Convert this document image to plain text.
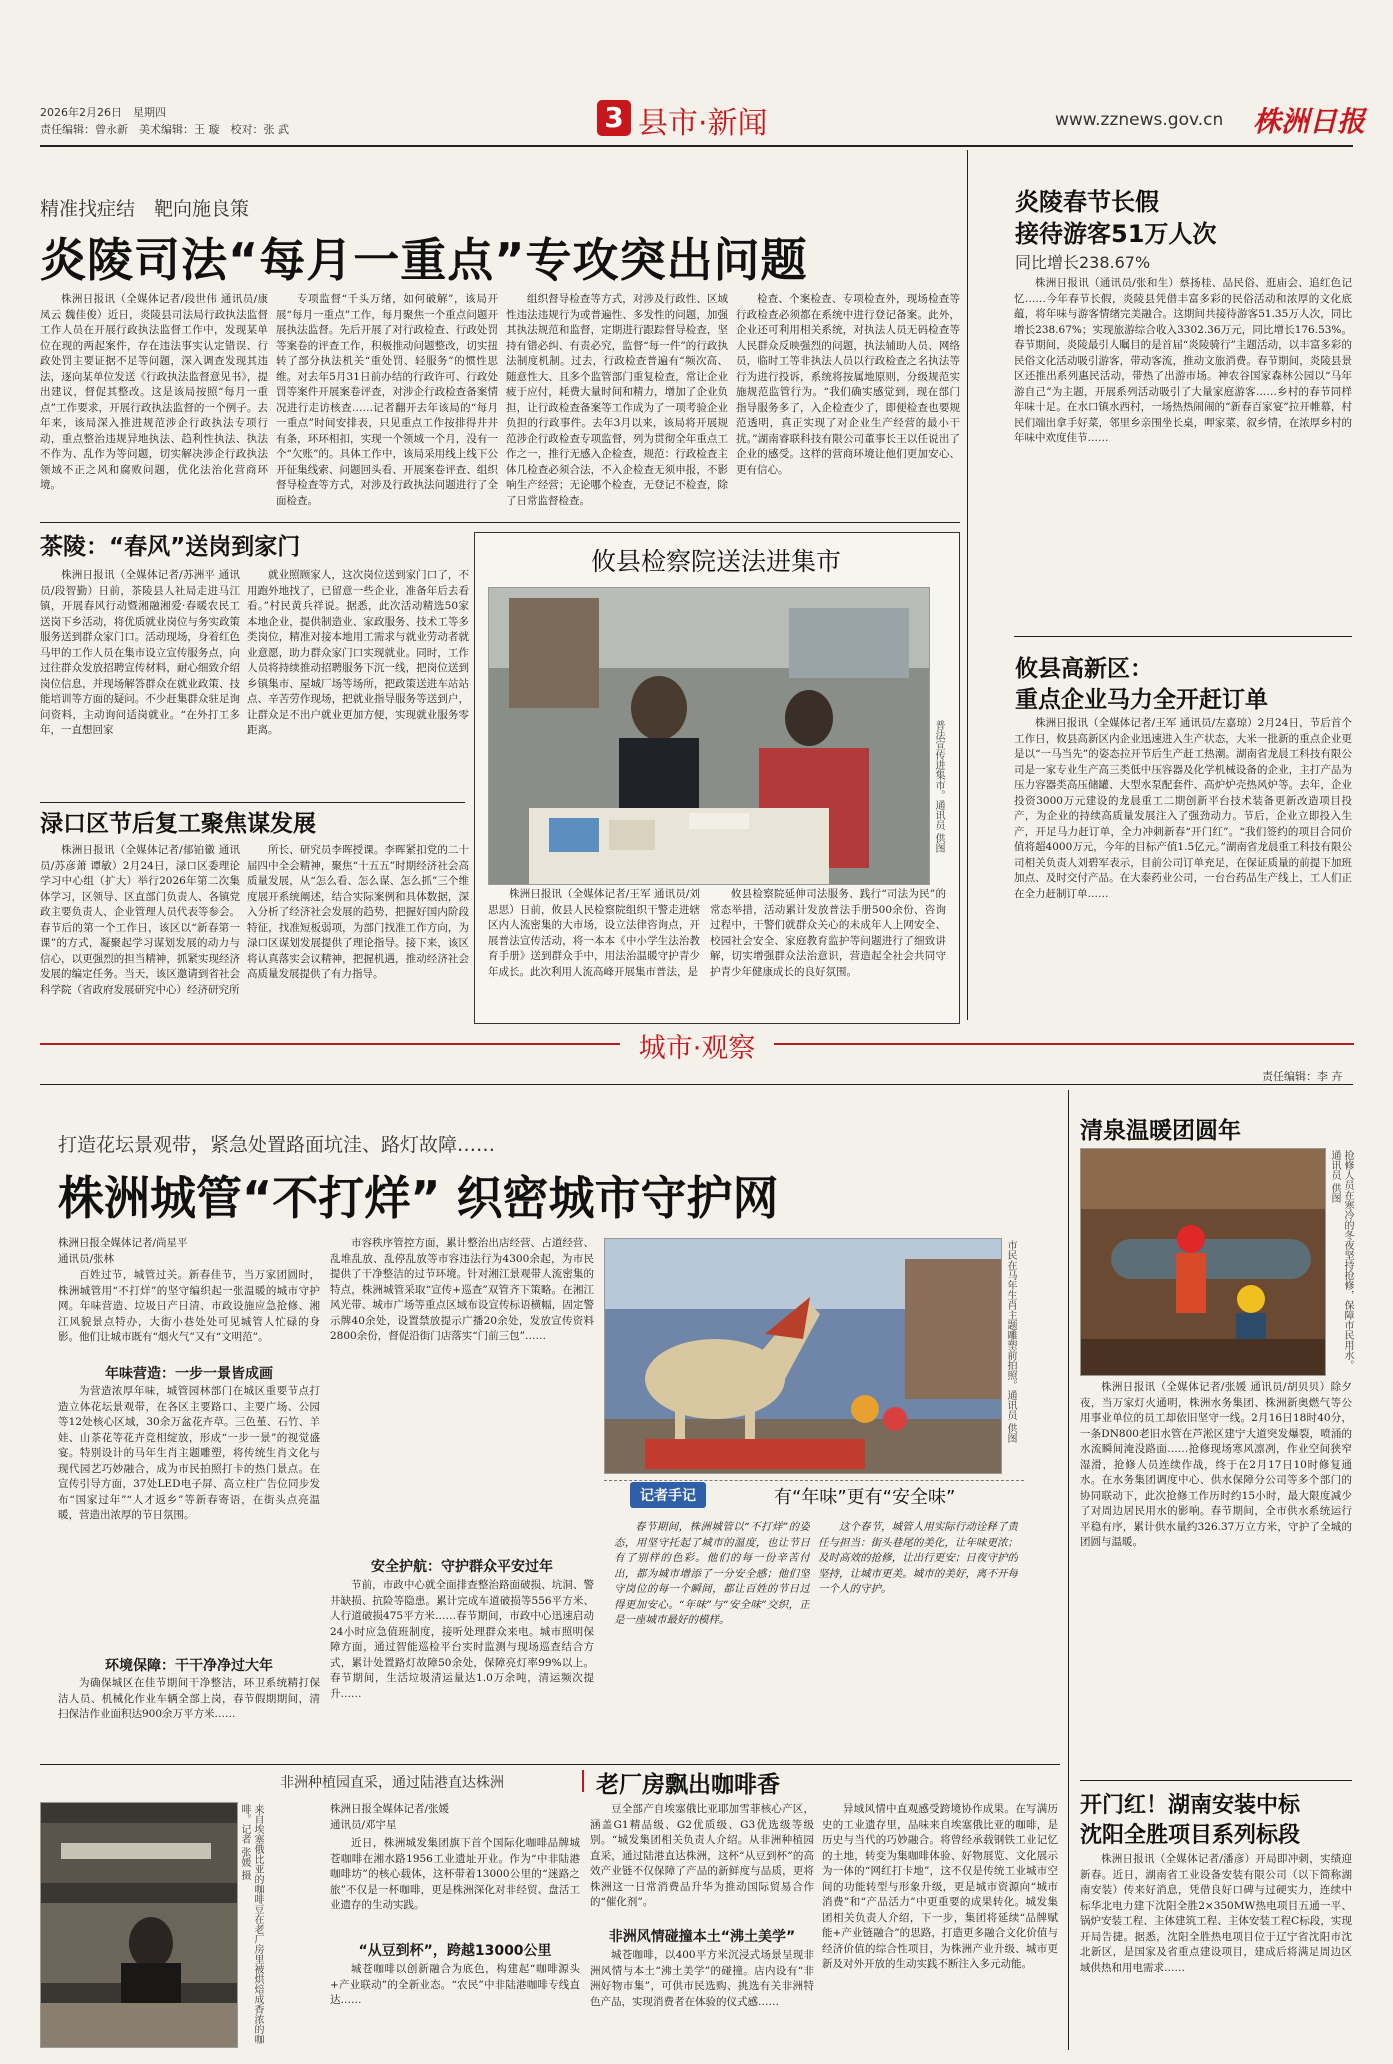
2026年2月26日　星期四
责任编辑：曾永新　美术编辑：王 璇　校对：张 武	3 县市·新闻	www.zznews.gov.cn 株洲日报
精准找症结　靶向施良策
炎陵司法“每月一重点”专攻突出问题

株洲日报讯（全媒体记者/段世伟 通讯员/康凤云 魏佳俊）近日，炎陵县司法局行政执法监督工作人员在开展行政执法监督工作中，发现某单位在现的两起案件，存在违法事实认定错误、行政处罚主要证据不足等问题，深入调查发现其违法，逐向某单位发送《行政执法监督意见书》，提出建议，督促其整改。这是该局按照“每月一重点”工作要求，开展行政执法监督的一个例子。去年来，该局深入推进规范涉企行政执法专项行动，重点整治违规异地执法、趋利性执法、执法不作为、乱作为等问题，切实解决涉企行政执法领域不正之风和腐败问题，优化法治化营商环境。

专项监督“千头万绪，如何破解”，该局开展“每月一重点”工作，每月聚焦一个重点问题开展执法监督。先后开展了对行政检查、行政处罚等案卷的评查工作，积极推动问题整改，切实扭转了部分执法机关“重处罚、轻服务”的惯性思维。对去年5月31日前办结的行政许可、行政处罚等案件开展案卷评查，对涉企行政检查备案情况进行走访核查……记者翻开去年该局的“每月一重点”时间安排表，只见重点工作按排得井井有条，环环相扣，实现一个领域一个月，没有一个“欠账”的。具体工作中，该局采用线上线下公开征集线索、问题回头看、开展案卷评查、组织督导检查等方式，对涉及行政执法问题进行了全面检查。

组织督导检查等方式，对涉及行政性、区域性违法违规行为或普遍性、多发性的问题，加强其执法规范和监督，定期进行跟踪督导检查，坚持有错必纠、有责必究，监督“每一件”的行政执法制度机制。过去，行政检查普遍有“频次高、随意性大、且多个监管部门重复检查，常让企业疲于应付，耗费大量时间和精力，增加了企业负担，让行政检查备案等工作成为了一项考验企业负担的行政事件。去年3月以来，该局将开展规范涉企行政检查专项监督，列为贯彻全年重点工作之一，推行无感入企检查，规范：行政检查主体几检查必须合法，不入企检查无须申报，不影响生产经营；无论哪个检查，无登记不检查，除了日常监督检查。

检查、个案检查、专项检查外，现场检查等行政检查必须都在系统中进行登记备案。此外，企业还可利用相关系统，对执法人员无码检查等人民群众反映强烈的问题，执法辅助人员、网络员，临时工等非执法人员以行政检查之名执法等行为进行投诉，系统将按属地原则，分级规范实施规范监管行为。“我们确实感觉到，现在部门指导服务多了，入企检查少了，即便检查也要规范透明，真正实现了对企业生产经营的最小干扰。”湖南睿联科技有限公司董事长王以任说出了企业的感受。这样的营商环境让他们更加安心、更有信心。

茶陵：“春风”送岗到家门

株洲日报讯（全媒体记者/苏洲平 通讯员/段智勤）日前，茶陵县人社局走进马江镇，开展春风行动暨湘融湘爱·春暖农民工送岗下乡活动，将优质就业岗位与务实政策服务送到群众家门口。活动现场，身着红色马甲的工作人员在集市设立宣传服务点，向过往群众发放招聘宣传材料，耐心细致介绍岗位信息，并现场解答群众在就业政策、技能培训等方面的疑问。不少赶集群众驻足询问资料，主动询问适岗就业。“在外打工多年，一直想回家

就业照顾家人，这次岗位送到家门口了，不用跑外地找了，已留意一些企业，准备年后去看看。”村民黄兵祥说。据悉，此次活动精选50家本地企业，提供制造业、家政服务、技术工等多类岗位，精准对接本地用工需求与就业劳动者就业意愿，助力群众家门口实现就业。同时，工作人员将持续推动招聘服务下沉一线，把岗位送到乡镇集市、屋城厂场等场所，把政策送进车站站点、辛苦劳作现场，把就业指导服务等送到户，让群众足不出户就业更加方便，实现就业服务零距离。

渌口区节后复工聚焦谋发展

株洲日报讯（全媒体记者/郁铂徽 通讯员/苏彦萧 谭敏）2月24日，渌口区委理论学习中心组（扩大）举行2026年第二次集体学习，区领导、区直部门负责人、各镇党政主要负责人、企业管理人员代表等参会。春节后的第一个工作日，该区以“新春第一课”的方式，凝聚起学习谋划发展的动力与信心，以更强烈的担当精神，抓紧实现经济发展的编定任务。当天，该区邀请到省社会科学院（省政府发展研究中心）经济研究所

所长、研究员李晖授课。李晖紧扣党的二十届四中全会精神，聚焦“十五五”时期经济社会高质量发展，从“怎么看、怎么谋、怎么抓”三个维度展开系统阐述，结合实际案例和具体数据，深入分析了经济社会发展的趋势，把握好国内阶段特征，找准短板弱项，为部门找准工作方向，为渌口区谋划发展提供了理论指导。接下来，该区将认真落实会议精神，把握机遇，推动经济社会高质量发展提供了有力指导。

攸县检察院送法进集市
普法宣传进集市。通讯员 供图

株洲日报讯（全媒体记者/王军 通讯员/刘思思）日前，攸县人民检察院组织干警走进辖区内人流密集的大市场，设立法律咨询点，开展普法宣传活动，将一本本《中小学生法治教育手册》送到群众手中，用法治温暖守护青少年成长。此次利用人流高峰开展集市普法，是

攸县检察院延伸司法服务、践行“司法为民”的常态举措，活动累计发放普法手册500余份、咨询过程中，干警们就群众关心的未成年人上网安全、校园社会安全、家庭教育监护等问题进行了细致讲解，切实增强群众法治意识，营造起全社会共同守护青少年健康成长的良好氛围。

炎陵春节长假
接待游客51万人次
同比增长238.67%

株洲日报讯（通讯员/张和生）蔡扬桂、品民俗、逛庙会、追红色记忆……今年春节长假，炎陵县凭借丰富多彩的民俗活动和浓厚的文化底蕴，将年味与游客情绪完美融合。这期间共接待游客51.35万人次，同比增长238.67%；实现旅游综合收入3302.36万元，同比增长176.53%。春节期间，炎陵最引人瞩目的是首届“炎陵骑行”主题活动，以丰富多彩的民俗文化活动吸引游客，带动客流，推动文旅消费。春节期间，炎陵县景区还推出系列惠民活动，带热了出游市场。神农谷国家森林公园以“马年游自己”为主题，开展系列活动吸引了大量家庭游客……乡村的春节同样年味十足。在水口镇水西村，一场热热闹闹的“新春百家宴”拉开帷幕，村民们端出拿手好菜，邻里乡亲围坐长桌，呷家菜、叙乡情，在浓厚乡村的年味中欢度佳节……

攸县高新区：
重点企业马力全开赶订单

株洲日报讯（全媒体记者/王军 通讯员/左嘉琼）2月24日，节后首个工作日，攸县高新区内企业迅速进入生产状态，大米一批新的重点企业更是以“一马当先”的姿态拉开节后生产赶工热潮。湖南省龙晨工科技有限公司是一家专业生产高三类低中压容器及化学机械设备的企业，主打产品为压力容器类高压储罐、大型水泵配套件、高炉炉壳热风炉等。去年，企业投资3000万元建设的龙晨重工二期创新平台技术装备更新改造项目投产，为企业的持续高质量发展注入了强劲动力。节后，企业立即投入生产，开足马力赶订单，全力冲刺新春“开门红”。“我们签约的项目合同价值将超4000万元，今年的目标产值1.5亿元。”湖南省龙晨重工科技有限公司相关负责人刘碧军表示，目前公司订单充足，在保证质量的前提下加班加点、及时交付产品。在大泰药业公司，一台台药品生产线上，工人们正在全力赶制订单……

城市·观察
责任编辑：李 卉
打造花坛景观带，紧急处置路面坑洼、路灯故障……
株洲城管“不打烊” 织密城市守护网
株洲日报全媒体记者/尚星平
通讯员/张林

百姓过节，城管过关。新春佳节，当万家团圆时，株洲城管用“不打烊”的坚守编织起一张温暖的城市守护网。年味营造、垃圾日产日清、市政设施应急抢修、湘江风貌景点特办，大街小巷处处可见城管人忙碌的身影。他们让城市既有“烟火气”又有“文明范”。

年味营造：一步一景皆成画

为营造浓厚年味，城管园林部门在城区重要节点打造立体花坛景观带，在各区主要路口、主要广场、公园等12处核心区域，30余万盆花卉草。三色堇、石竹、羊娃、山茶花等花卉竞相绽放，形成“一步一景”的视觉盛宴。特别设计的马年生肖主题雕塑，将传统生肖文化与现代园艺巧妙融合，成为市民拍照打卡的热门景点。在宣传引导方面，37处LED电子屏、高立柱广告位同步发布“国家过年”“人才返乡”等新春寄语，在街头点亮温暖，营造出浓厚的节日氛围。

环境保障：干干净净过大年

为确保城区在佳节期间干净整洁，环卫系统精打保洁人员、机械化作业车辆全部上岗，春节假期期间，清扫保洁作业面积达900余万平方米……

市容秩序管控方面，累计整治出店经营、占道经营、乱堆乱放、乱停乱放等市容违法行为4300余起，为市民提供了干净整洁的过节环境。针对湘江景观带人流密集的特点，株洲城管采取“宣传+巡查”双管齐下策略。在湘江风光带、城市广场等重点区域布设宣传标语横幅，固定警示牌40余处，设置禁放提示广播20余处，发放宣传资料2800余份，督促沿街门店落实“门前三包”……

安全护航：守护群众平安过年

节前，市政中心就全面排查整治路面破损、坑洞、警井缺损、抗险等隐患。累计完成车道破损等556平方米、人行道破损475平方米……春节期间，市政中心迅速启动24小时应急值班制度，接听处理群众来电。城市照明保障方面，通过智能巡检平台实时监测与现场巡查结合方式，累计处置路灯故障50余处，保障亮灯率99%以上。春节期间，生活垃圾清运量达1.0万余吨，清运频次提升……

市民在马年生肖主题雕塑前拍照。通讯员 供图
记者手记	有“年味”更有“安全味”

春节期间，株洲城管以“不打烊”的姿态，用坚守托起了城市的温度，也让节日有了别样的色彩。他们的每一份辛苦付出，都为城市增添了一分安全感；他们坚守岗位的每一个瞬间，都让百姓的节日过得更加安心。“年味”与“安全味”交织，正是一座城市最好的模样。

这个春节，城管人用实际行动诠释了责任与担当：街头巷尾的美化，让年味更浓；及时高效的抢修，让出行更安；日夜守护的坚持，让城市更美。城市的美好，离不开每一个人的守护。

非洲种植园直采，通过陆港直达株洲	老厂房飘出咖啡香
来自埃塞俄比亚的咖啡豆在老厂房里被烘焙成香浓的咖啡。记者 张媛 摄	株洲日报全媒体记者/张媛
通讯员/邓宇星

近日，株洲城发集团旗下首个国际化咖啡品牌城苍咖啡在湘水路1956工业遗址开业。作为“中非陆港咖啡坊”的核心载体，这杯带着13000公里的“迷路之旅”不仅是一杯咖啡，更是株洲深化对非经贸、盘活工业遗存的生动实践。

“从豆到杯”，跨越13000公里

城苍咖啡以创新融合为底色，构建起“咖啡源头+产业联动”的全新业态。“农民”中非陆港咖啡专线直达……

豆全部产自埃塞俄比亚耶加雪菲核心产区，涵盖G1精品级、G2优质级、G3优选级等级别。“城发集团相关负责人介绍。从非洲种植园直采，通过陆港直达株洲，这杯“从豆到杯”的高效产业链不仅保障了产品的新鲜度与品质，更将株洲这一日常消费品升华为推动国际贸易合作的“催化剂”。

非洲风情碰撞本土“沸土美学”

城苍咖啡，以400平方米沉浸式场景呈现非洲风情与本土“沸土美学”的碰撞。店内设有“非洲好物市集”，可供市民选购、挑选有关非洲特色产品，实现消费者在体验的仪式感……

异域风情中直观感受跨境协作成果。在写满历史的工业遗存里，品味来自埃塞俄比亚的咖啡，是历史与当代的巧妙融合。将曾经承载钢铁工业记忆的土地，转变为集咖啡体验、好物展览、文化展示为一体的“网红打卡地”，这不仅是传统工业城市空间的功能转型与形象升级，更是城市资源向“城市消费”和“产品活力”中更重要的成果转化。城发集团相关负责人介绍，下一步，集团将延续“品牌赋能+产业链融合”的思路，打造更多融合文化价值与经济价值的综合性项目，为株洲产业升级、城市更新及对外开放的生动实践不断注入多元动能。

清泉温暖团圆年
抢修人员在寒冷的冬夜坚持抢修，保障市民用水。通讯员 供图

株洲日报讯（全媒体记者/张媛 通讯员/胡贝贝）除夕夜，当万家灯火通明，株洲水务集团、株洲新奥燃气等公用事业单位的员工却依旧坚守一线。2月16日18时40分，一条DN800老旧水管在芦淞区建宁大道突发爆裂，喷涌的水流瞬间淹没路面……抢修现场寒风凛冽，作业空间狭窄湿滑，抢修人员连续作战，终于在2月17日10时修复通水。在水务集团调度中心、供水保障分公司等多个部门的协同联动下，此次抢修工作历时约15小时，最大限度减少了对周边居民用水的影响。春节期间，全市供水系统运行平稳有序，累计供水量约326.37万立方米，守护了全城的团圆与温暖。

开门红！湖南安装中标
沈阳全胜项目系列标段

株洲日报讯（全媒体记者/潘彦）开局即冲刺，实绩迎新春。近日，湖南省工业设备安装有限公司（以下简称湖南安装）传来好消息，凭借良好口碑与过硬实力，连续中标华北电力建下沈阳全胜2×350MW热电项目五通一平、锅炉安装工程、主体建筑工程、主体安装工程C标段，实现开局告捷。据悉，沈阳全胜热电项目位于辽宁省沈阳市沈北新区，是国家及省重点建设项目，建成后将满足周边区域供热和用电需求……
